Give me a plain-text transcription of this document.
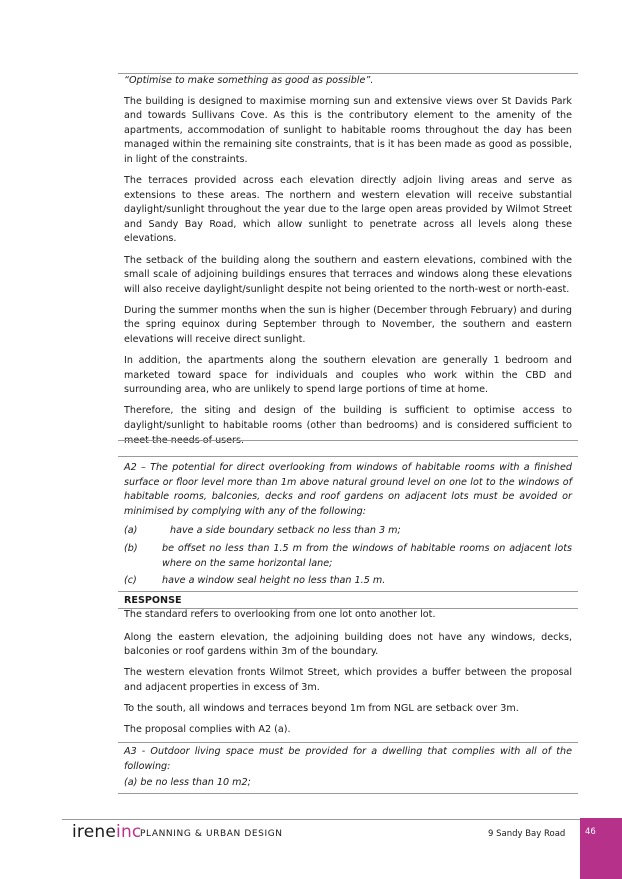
“Optimise to make something as good as possible”.

The building is designed to maximise morning sun and extensive views over St Davids Park and towards Sullivans Cove. As this is the contributory element to the amenity of the apartments, accommodation of sunlight to habitable rooms throughout the day has been managed within the remaining site constraints, that is it has been made as good as possible, in light of the constraints.

The terraces provided across each elevation directly adjoin living areas and serve as extensions to these areas. The northern and western elevation will receive substantial daylight/sunlight throughout the year due to the large open areas provided by Wilmot Street and Sandy Bay Road, which allow sunlight to penetrate across all levels along these elevations.

The setback of the building along the southern and eastern elevations, combined with the small scale of adjoining buildings ensures that terraces and windows along these elevations will also receive daylight/sunlight despite not being oriented to the north-west or north-east.

During the summer months when the sun is higher (December through February) and during the spring equinox during September through to November, the southern and eastern elevations will receive direct sunlight.

In addition, the apartments along the southern elevation are generally 1 bedroom and marketed toward space for individuals and couples who work within the CBD and surrounding area, who are unlikely to spend large portions of time at home.

Therefore, the siting and design of the building is sufficient to optimise access to daylight/sunlight to habitable rooms (other than bedrooms) and is considered sufficient to meet the needs of users.

A2 – The potential for direct overlooking from windows of habitable rooms with a finished surface or floor level more than 1m above natural ground level on one lot to the windows of habitable rooms, balconies, decks and roof gardens on adjacent lots must be avoided or minimised by complying with any of the following:

(a)	have a side boundary setback no less than 3 m;
(b)	be offset no less than 1.5 m from the windows of habitable rooms on adjacent lots where on the same horizontal lane;
(c)	have a window seal height no less than 1.5 m.
RESPONSE

The standard refers to overlooking from one lot onto another lot.

Along the eastern elevation, the adjoining building does not have any windows, decks, balconies or roof gardens within 3m of the boundary.

The western elevation fronts Wilmot Street, which provides a buffer between the proposal and adjacent properties in excess of 3m.

To the south, all windows and terraces beyond 1m from NGL are setback over 3m.

The proposal complies with A2 (a).

A3 - Outdoor living space must be provided for a dwelling that complies with all of the following:

(a) be no less than 10 m2;

ireneinc
PLANNING & URBAN DESIGN	9 Sandy Bay Road 46
